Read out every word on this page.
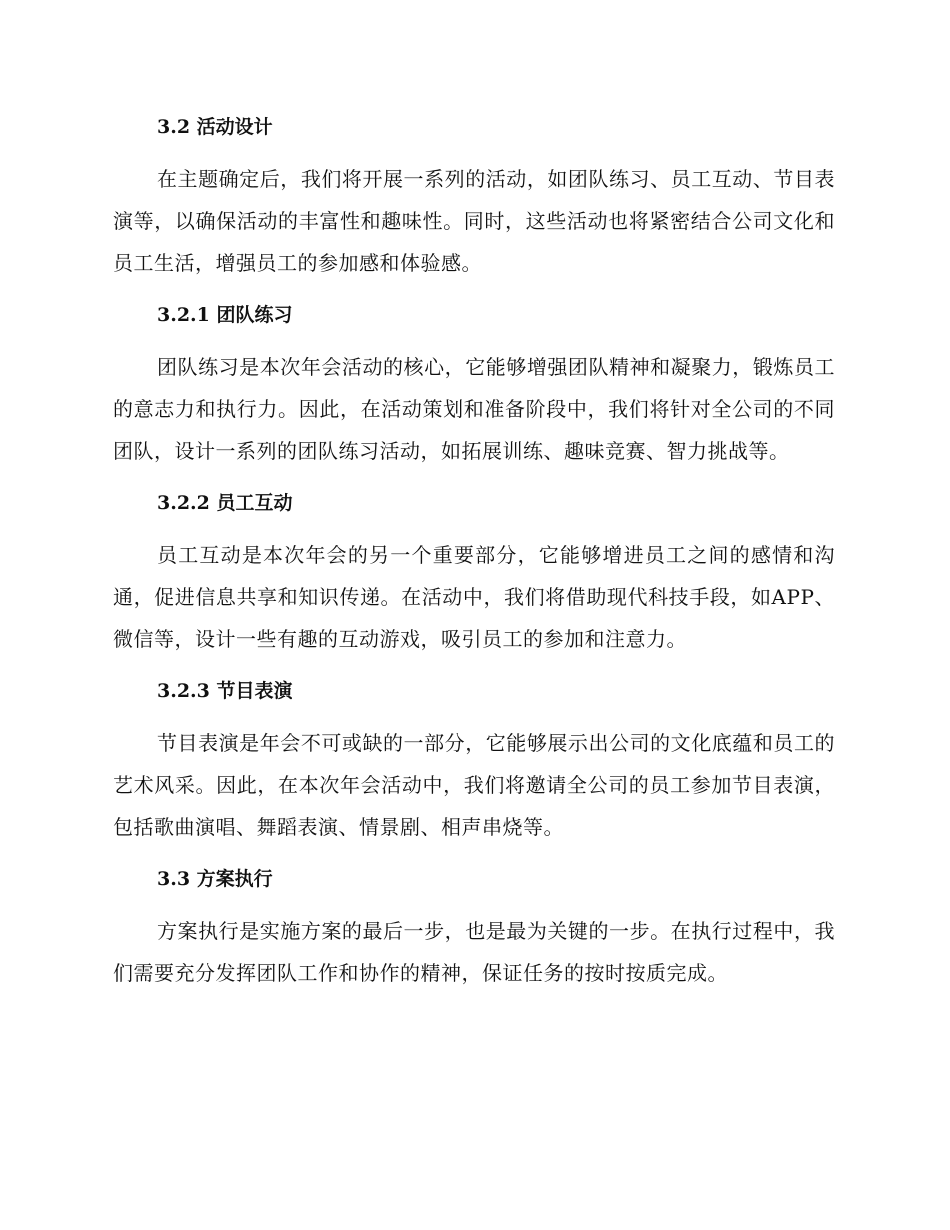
3.2 活动设计

在主题确定后，我们将开展一系列的活动，如团队练习、员工互动、节目表演等，以确保活动的丰富性和趣味性。同时，这些活动也将紧密结合公司文化和员工生活，增强员工的参加感和体验感。

3.2.1 团队练习

团队练习是本次年会活动的核心，它能够增强团队精神和凝聚力，锻炼员工的意志力和执行力。因此，在活动策划和准备阶段中，我们将针对全公司的不同团队，设计一系列的团队练习活动，如拓展训练、趣味竞赛、智力挑战等。

3.2.2 员工互动

员工互动是本次年会的另一个重要部分，它能够增进员工之间的感情和沟通，促进信息共享和知识传递。在活动中，我们将借助现代科技手段，如APP、微信等，设计一些有趣的互动游戏，吸引员工的参加和注意力。

3.2.3 节目表演

节目表演是年会不可或缺的一部分，它能够展示出公司的文化底蕴和员工的艺术风采。因此，在本次年会活动中，我们将邀请全公司的员工参加节目表演，包括歌曲演唱、舞蹈表演、情景剧、相声串烧等。

3.3 方案执行

方案执行是实施方案的最后一步，也是最为关键的一步。在执行过程中，我们需要充分发挥团队工作和协作的精神，保证任务的按时按质完成。
